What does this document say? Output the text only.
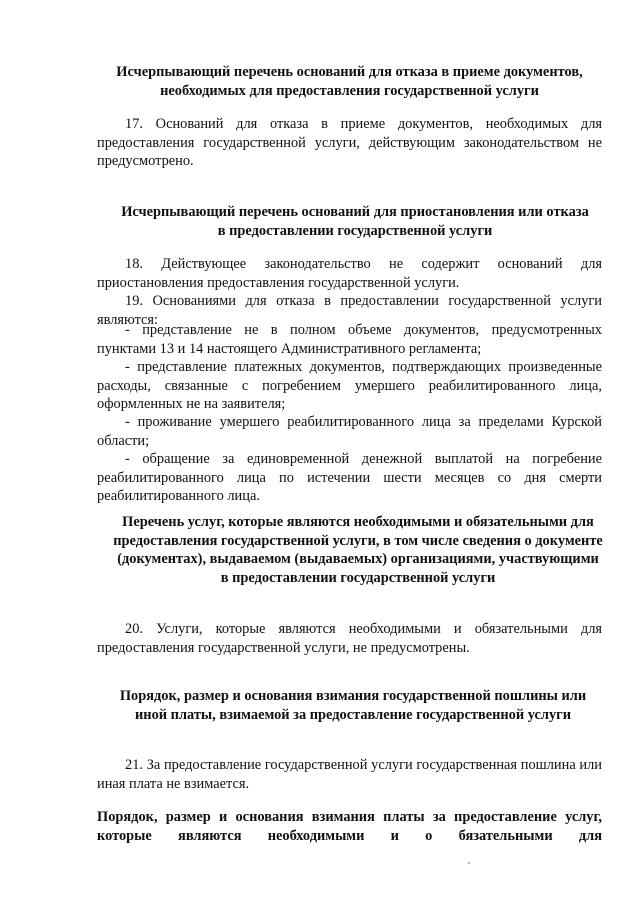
Исчерпывающий перечень оснований для отказа в приеме документов, необходимых для предоставления государственной услуги

17. Оснований для отказа в приеме документов, необходимых для предоставления государственной услуги, действующим законодательством не предусмотрено.

Исчерпывающий перечень оснований для приостановления или отказа в предоставлении государственной услуги

18. Действующее законодательство не содержит оснований для приостановления предоставления государственной услуги.

19. Основаниями для отказа в предоставлении государственной услуги являются:

- представление не в полном объеме документов, предусмотренных пунктами 13 и 14 настоящего Административного регламента;

- представление платежных документов, подтверждающих произведенные расходы, связанные с погребением умершего реабилитированного лица, оформленных не на заявителя;

- проживание умершего реабилитированного лица за пределами Курской области;

- обращение за единовременной денежной выплатой на погребение реабилитированного лица по истечении шести месяцев со дня смерти реабилитированного лица.

Перечень услуг, которые являются необходимыми и обязательными для предоставления государственной услуги, в том числе сведения о документе (документах), выдаваемом (выдаваемых) организациями, участвующими в предоставлении государственной услуги

20. Услуги, которые являются необходимыми и обязательными для предоставления государственной услуги, не предусмотрены.

Порядок, размер и основания взимания государственной пошлины или иной платы, взимаемой за предоставление государственной услуги

21. За предоставление государственной услуги государственная пошлина или иная плата не взимается.

Порядок, размер и основания взимания платы за предоставление услуг, которые являются необходимыми и о бязательными для
